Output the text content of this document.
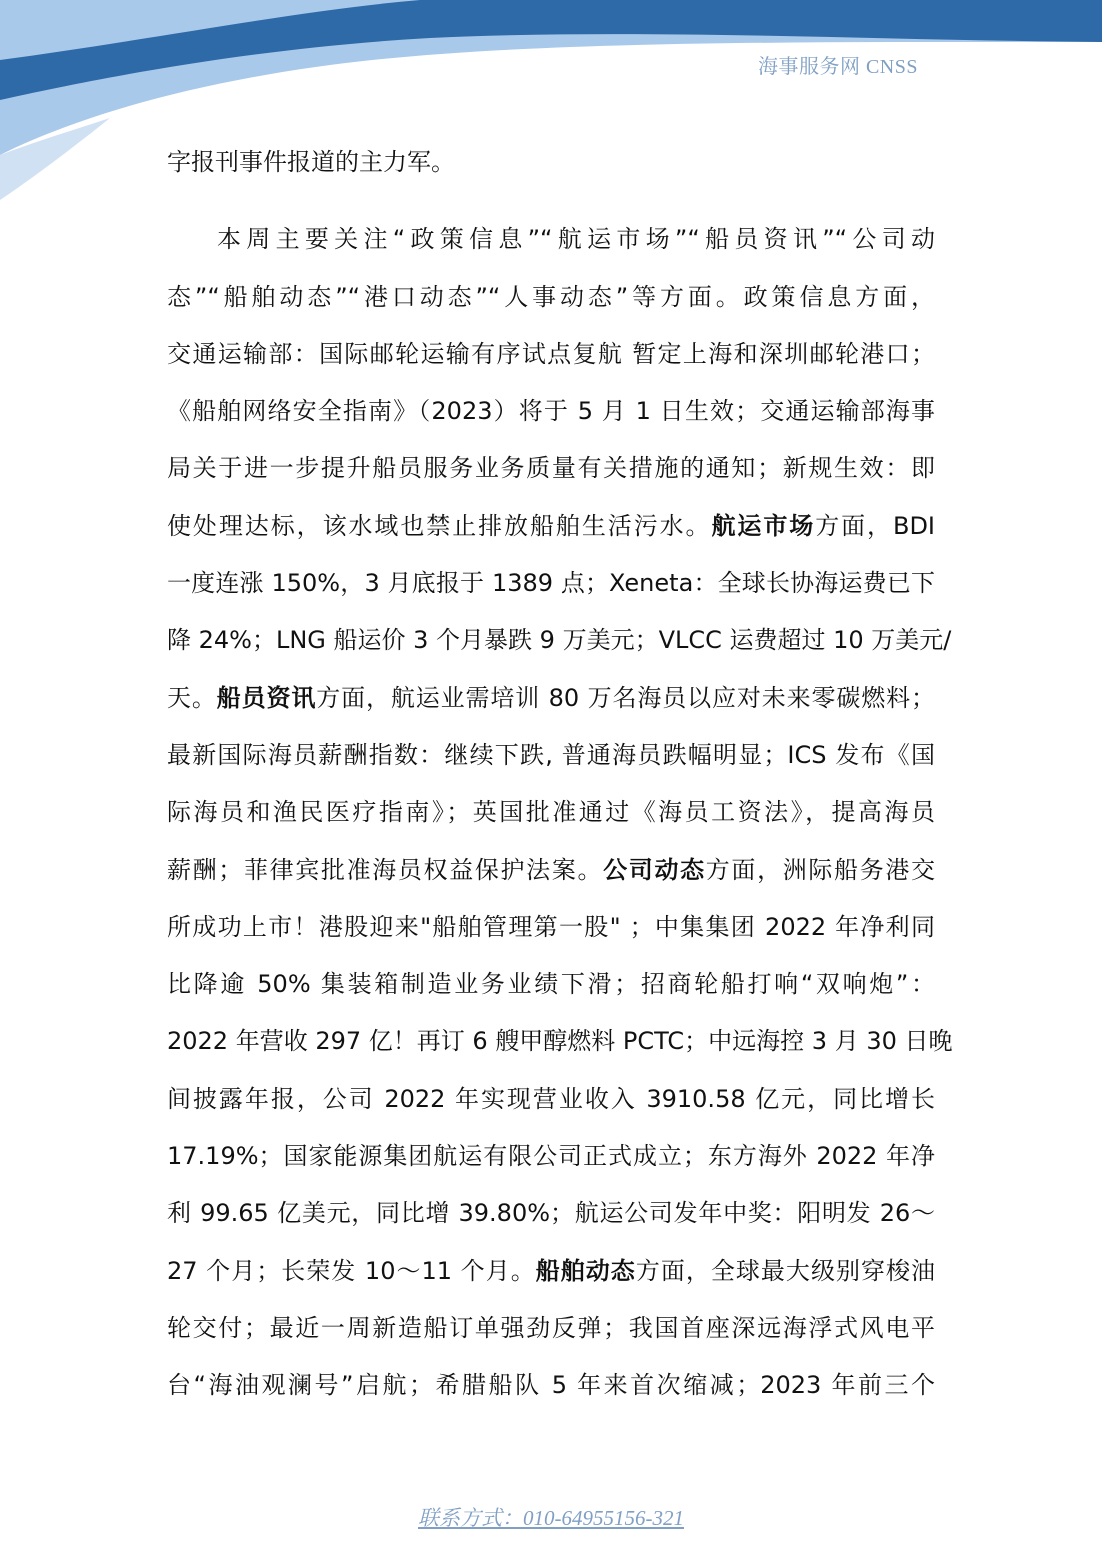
海事服务网 CNSS
字报刊事件报道的主力军。
本周主要关注“政策信息”“航运市场”“船员资讯”“公司动
态”“船舶动态”“港口动态”“人事动态”等方面。政策信息方面，
交通运输部：国际邮轮运输有序试点复航 暂定上海和深圳邮轮港口；
《船舶网络安全指南》（2023）将于 5 月 1 日生效；交通运输部海事
局关于进一步提升船员服务业务质量有关措施的通知；新规生效：即
使处理达标，该水域也禁止排放船舶生活污水。航运市场方面，BDI
一度连涨 150%，3 月底报于 1389 点；Xeneta：全球长协海运费已下
降 24%；LNG 船运价 3 个月暴跌 9 万美元；VLCC 运费超过 10 万美元/
天。船员资讯方面，航运业需培训 80 万名海员以应对未来零碳燃料；
最新国际海员薪酬指数：继续下跌, 普通海员跌幅明显；ICS 发布《国
际海员和渔民医疗指南》；英国批准通过《海员工资法》，提高海员
薪酬；菲律宾批准海员权益保护法案。公司动态方面，洲际船务港交
所成功上市！港股迎来"船舶管理第一股" ；中集集团 2022 年净利同
比降逾 50% 集装箱制造业务业绩下滑；招商轮船打响“双响炮”：
2022 年营收 297 亿！再订 6 艘甲醇燃料 PCTC；中远海控 3 月 30 日晚
间披露年报，公司 2022 年实现营业收入 3910.58 亿元，同比增长
17.19%；国家能源集团航运有限公司正式成立；东方海外 2022 年净
利 99.65 亿美元，同比增 39.80%；航运公司发年中奖：阳明发 26～
27 个月；长荣发 10～11 个月。船舶动态方面，全球最大级别穿梭油
轮交付；最近一周新造船订单强劲反弹；我国首座深远海浮式风电平
台“海油观澜号”启航；希腊船队 5 年来首次缩减；2023 年前三个
联系方式：010-64955156-321
